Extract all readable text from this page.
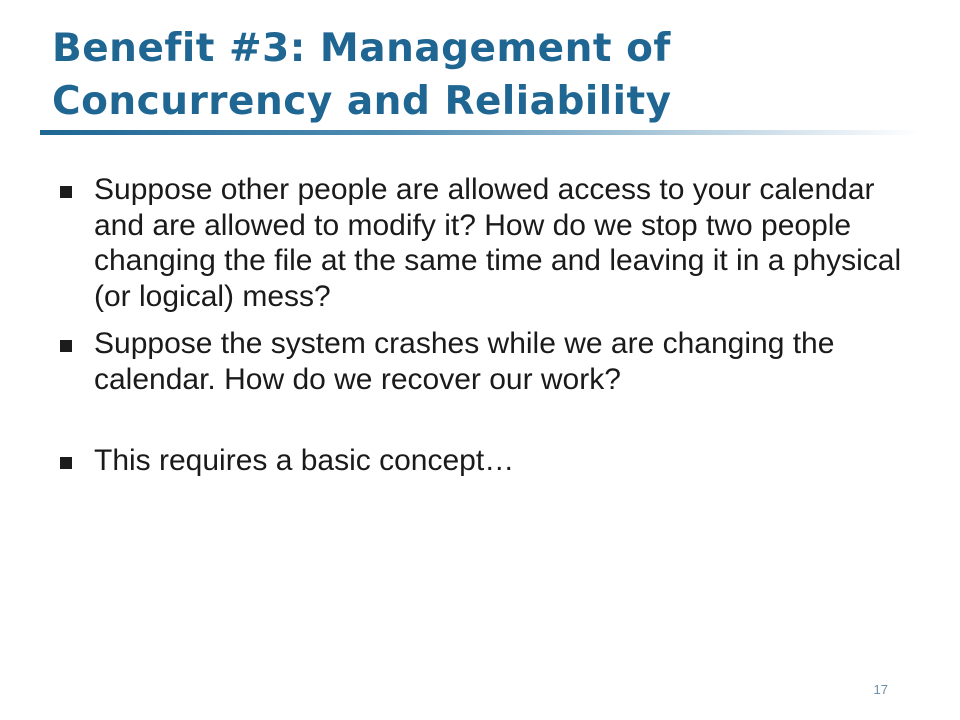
Benefit #3: Management of Concurrency and Reliability
Suppose other people are allowed access to your calendar and are allowed to modify it? How do we stop two people changing the file at the same time and leaving it in a physical (or logical) mess?
Suppose the system crashes while we are changing the calendar. How do we recover our work?
This requires a basic concept…
17
